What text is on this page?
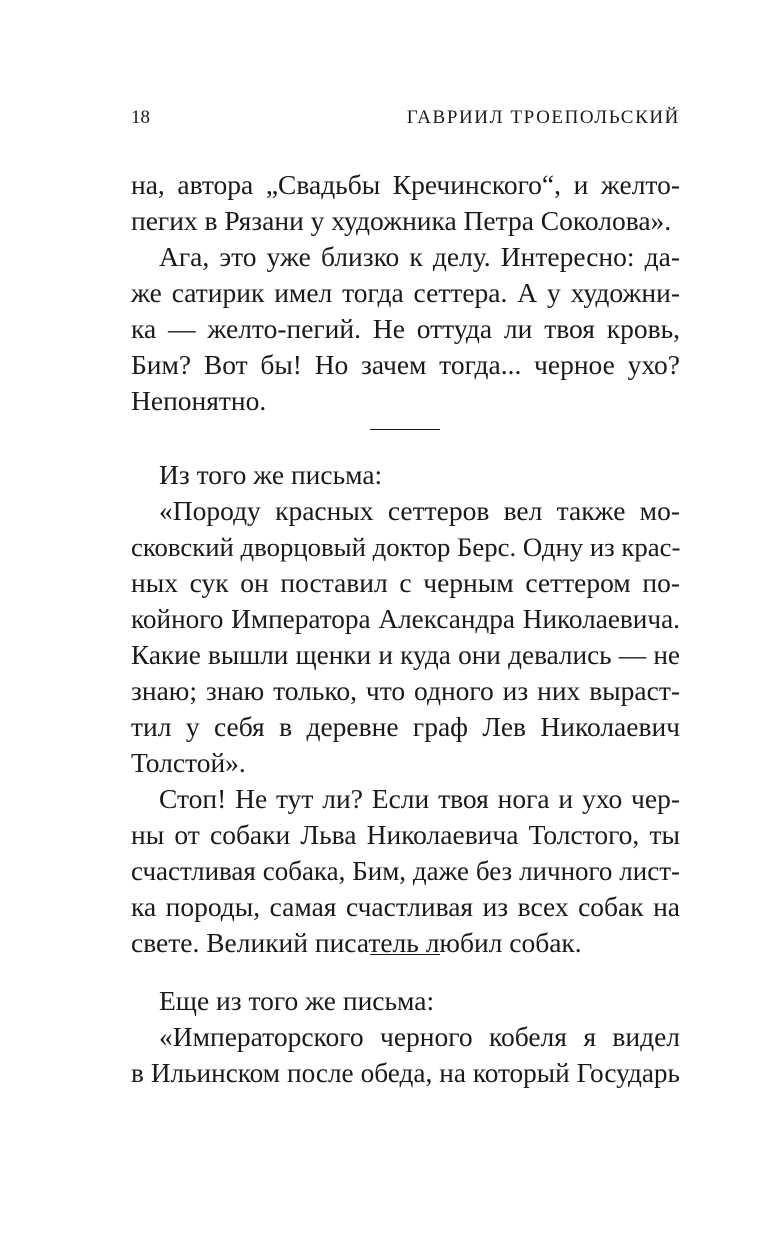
18	ГАВРИИЛ ТРОЕПОЛЬСКИЙ
на, автора „Свадьбы Кречинского“, и желто-
пегих в Рязани у художника Петра Соколова».
Ага, это уже близко к делу. Интересно: да-
же сатирик имел тогда сеттера. А у художни-
ка — желто-пегий. Не оттуда ли твоя кровь,
Бим? Вот бы! Но зачем тогда... черное ухо?
Непонятно.
Из того же письма:
«Породу красных сеттеров вел также мо-
сковский дворцовый доктор Берс. Одну из крас-
ных сук он поставил с черным сеттером по-
койного Императора Александра Николаевича.
Какие вышли щенки и куда они девались — не
знаю; знаю только, что одного из них выраст-
тил у себя в деревне граф Лев Николаевич
Толстой».
Стоп! Не тут ли? Если твоя нога и ухо чер-
ны от собаки Льва Николаевича Толстого, ты
счастливая собака, Бим, даже без личного лист-
ка породы, самая счастливая из всех собак на
свете. Великий писатель любил собак.
Еще из того же письма:
«Императорского черного кобеля я видел
в Ильинском после обеда, на который Государь
